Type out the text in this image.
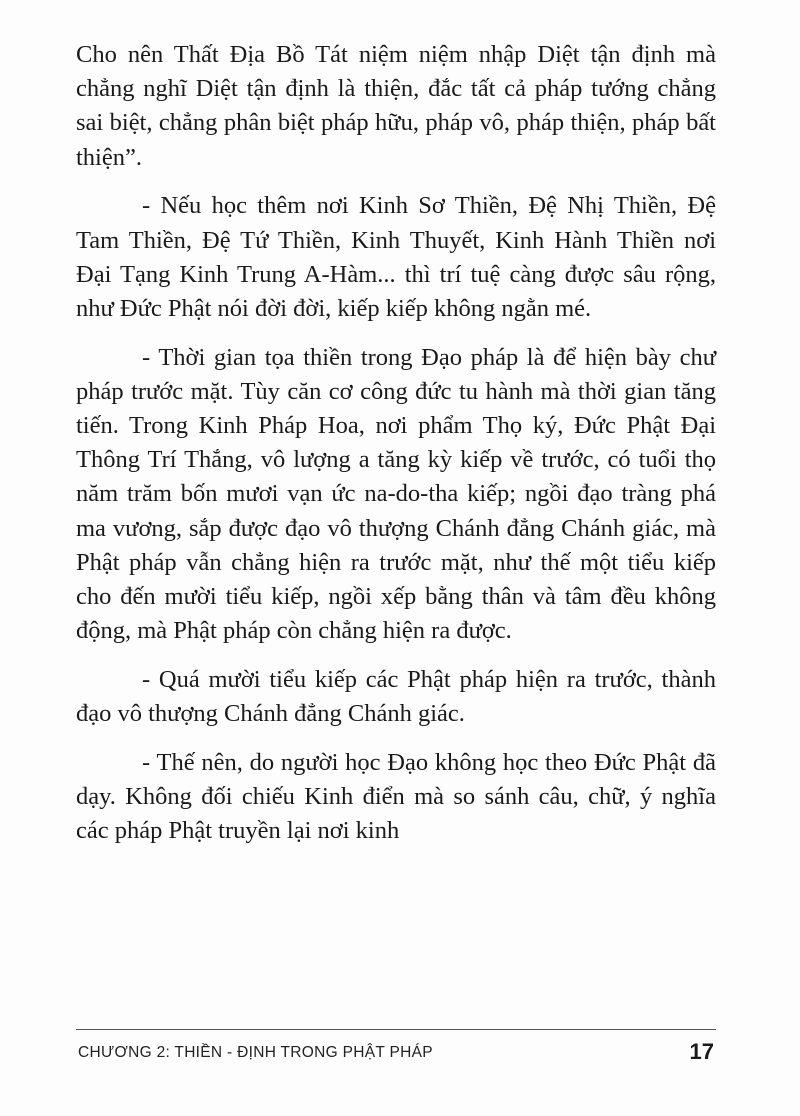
Cho nên Thất Địa Bồ Tát niệm niệm nhập Diệt tận định mà chẳng nghĩ Diệt tận định là thiện, đắc tất cả pháp tướng chẳng sai biệt, chẳng phân biệt pháp hữu, pháp vô, pháp thiện, pháp bất thiện”.

- Nếu học thêm nơi Kinh Sơ Thiền, Đệ Nhị Thiền, Đệ Tam Thiền, Đệ Tứ Thiền, Kinh Thuyết, Kinh Hành Thiền nơi Đại Tạng Kinh Trung A-Hàm... thì trí tuệ càng được sâu rộng, như Đức Phật nói đời đời, kiếp kiếp không ngằn mé.

- Thời gian tọa thiền trong Đạo pháp là để hiện bày chư pháp trước mặt. Tùy căn cơ công đức tu hành mà thời gian tăng tiến. Trong Kinh Pháp Hoa, nơi phẩm Thọ ký, Đức Phật Đại Thông Trí Thắng, vô lượng a tăng kỳ kiếp về trước, có tuổi thọ năm trăm bốn mươi vạn ức na-do-tha kiếp; ngồi đạo tràng phá ma vương, sắp được đạo vô thượng Chánh đẳng Chánh giác, mà Phật pháp vẫn chẳng hiện ra trước mặt, như thế một tiểu kiếp cho đến mười tiểu kiếp, ngồi xếp bằng thân và tâm đều không động, mà Phật pháp còn chẳng hiện ra được.

- Quá mười tiểu kiếp các Phật pháp hiện ra trước, thành đạo vô thượng Chánh đẳng Chánh giác.

- Thế nên, do người học Đạo không học theo Đức Phật đã dạy. Không đối chiếu Kinh điển mà so sánh câu, chữ, ý nghĩa các pháp Phật truyền lại nơi kinh

CHƯƠNG 2: THIỀN - ĐỊNH TRONG PHẬT PHÁP	17
